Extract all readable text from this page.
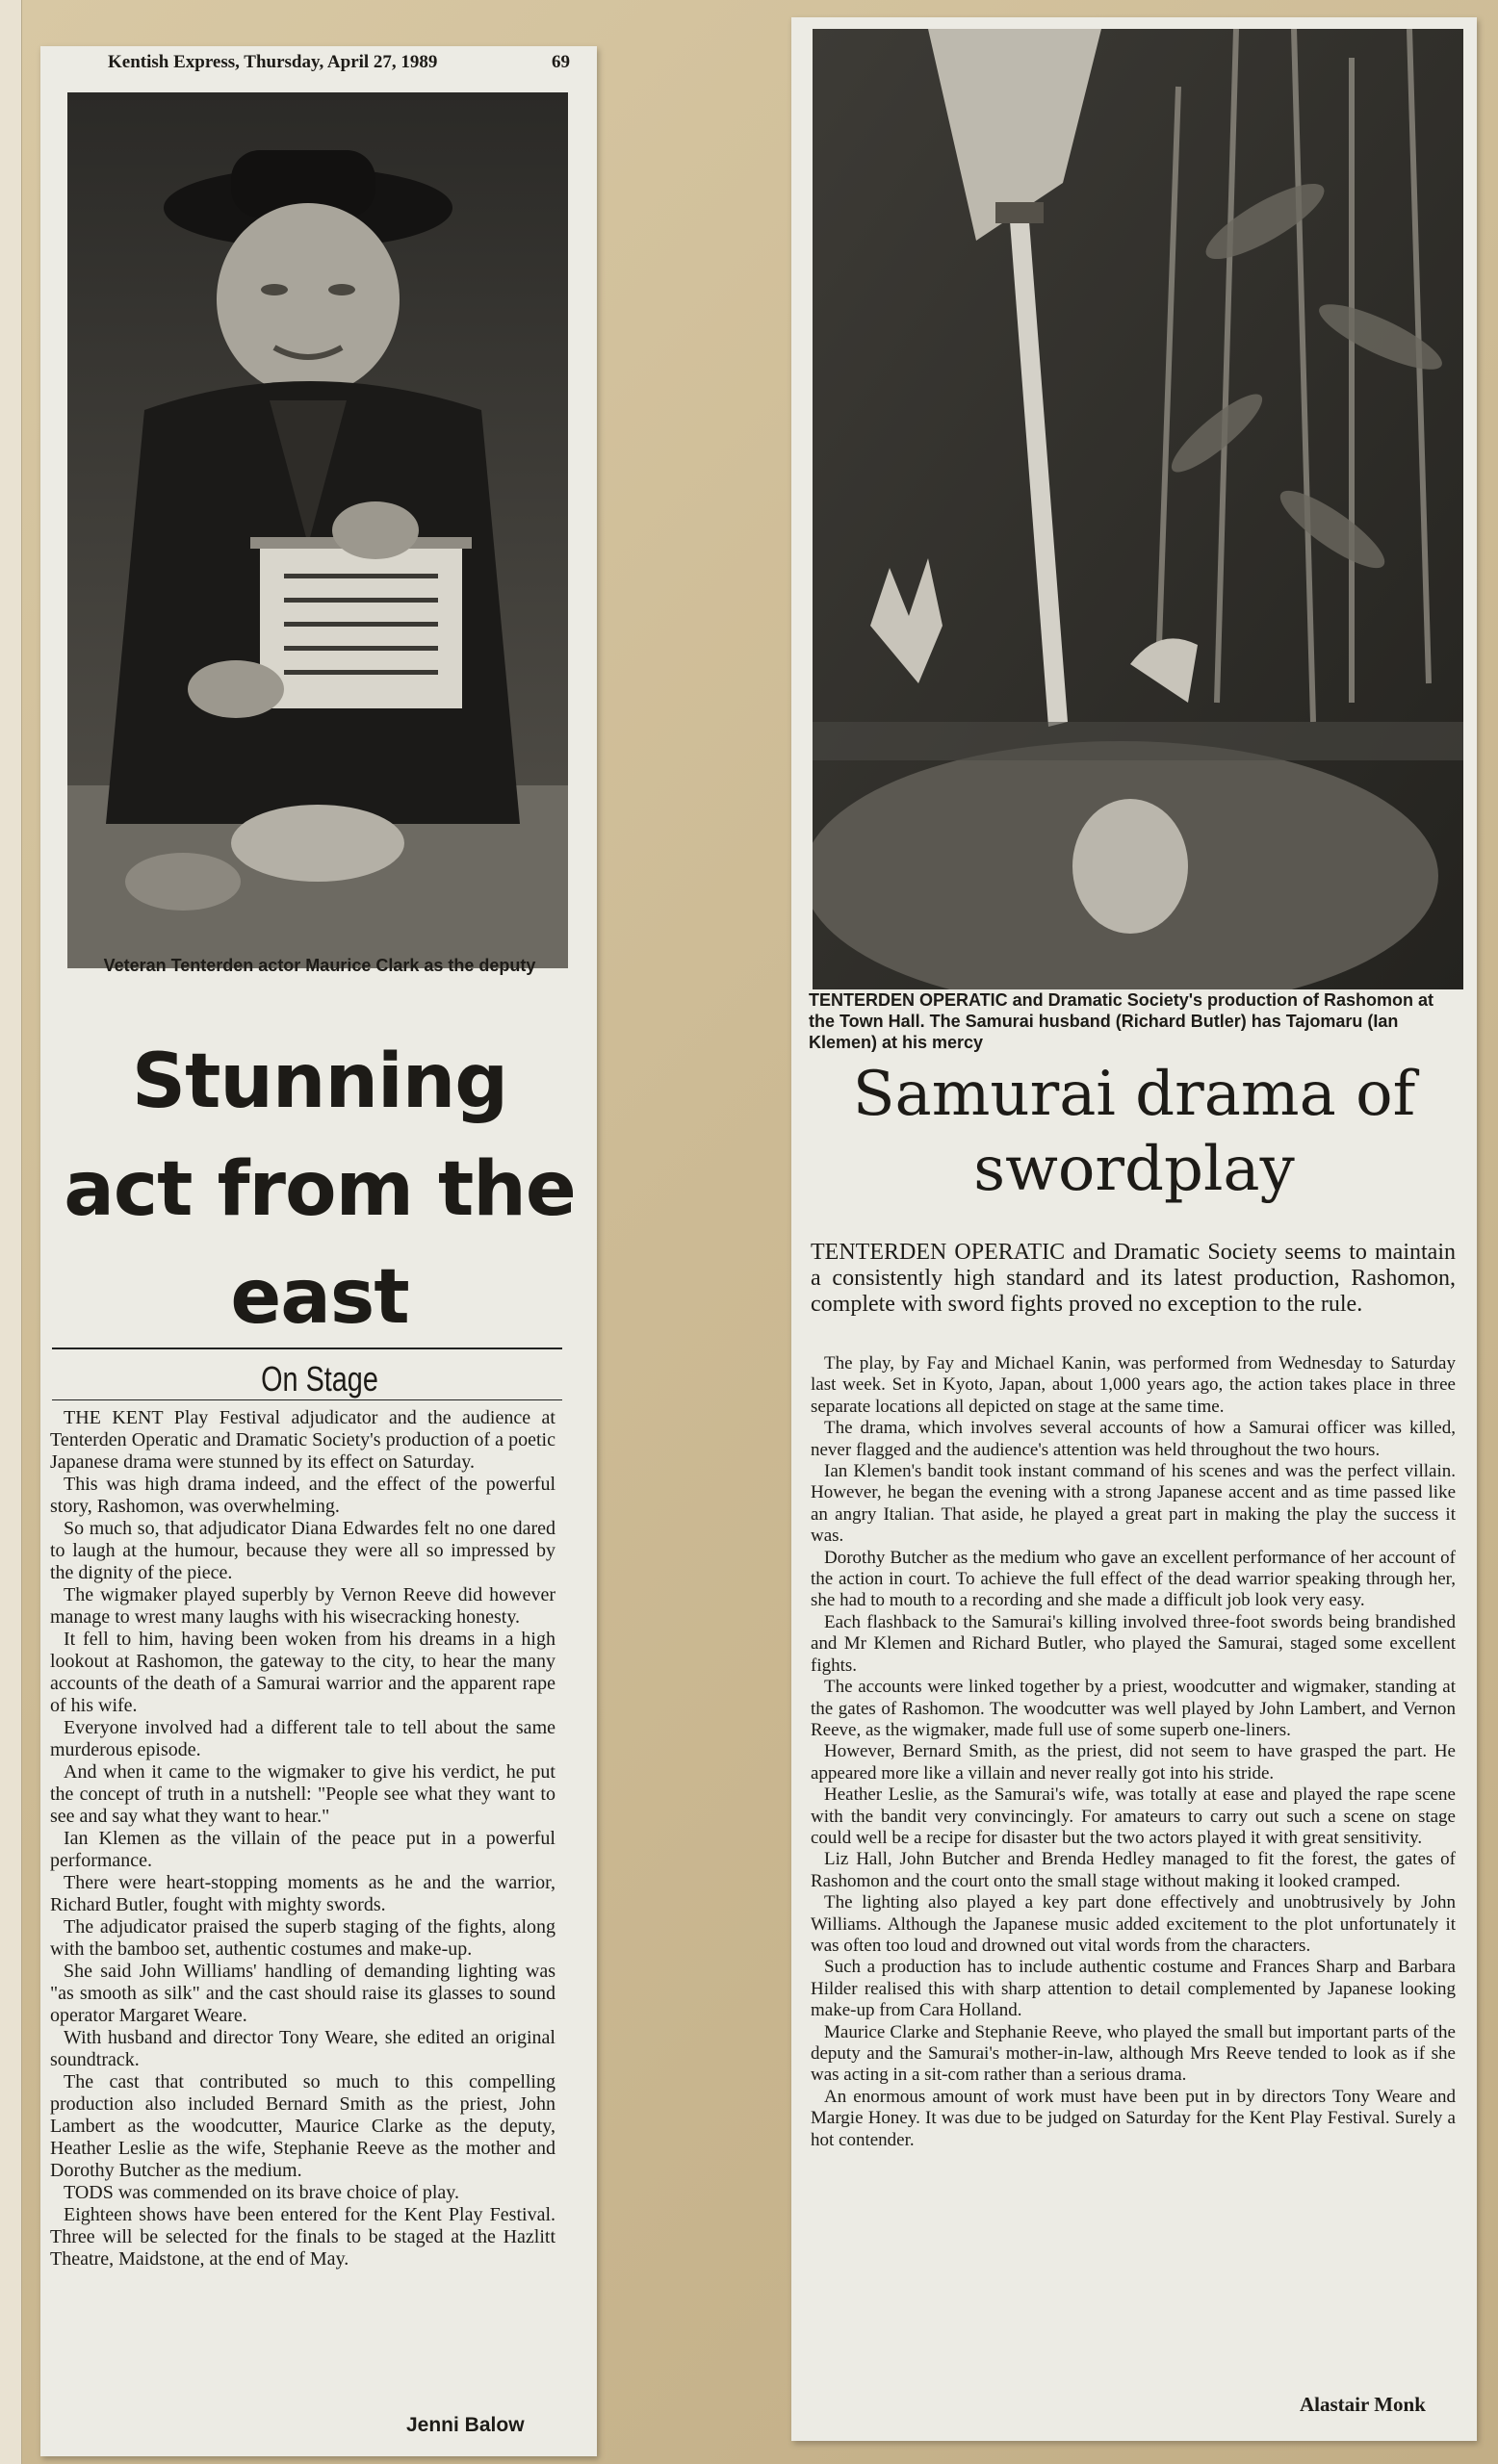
Kentish Express, Thursday, April 27, 1989	69
Veteran Tenterden actor Maurice Clark as the deputy
Stunning act from the east
On Stage

THE KENT Play Festival adjudicator and the audience at Tenterden Operatic and Dramatic Society's production of a poetic Japanese drama were stunned by its effect on Saturday.

This was high drama indeed, and the effect of the powerful story, Rashomon, was overwhelming.

So much so, that adjudicator Diana Edwardes felt no one dared to laugh at the humour, because they were all so impressed by the dignity of the piece.

The wigmaker played superbly by Vernon Reeve did however manage to wrest many laughs with his wisecracking honesty.

It fell to him, having been woken from his dreams in a high lookout at Rashomon, the gateway to the city, to hear the many accounts of the death of a Samurai warrior and the apparent rape of his wife.

Everyone involved had a different tale to tell about the same murderous episode.

And when it came to the wigmaker to give his verdict, he put the concept of truth in a nutshell: "People see what they want to see and say what they want to hear."

Ian Klemen as the villain of the peace put in a powerful performance.

There were heart-stopping moments as he and the warrior, Richard Butler, fought with mighty swords.

The adjudicator praised the superb staging of the fights, along with the bamboo set, authentic costumes and make-up.

She said John Williams' handling of demanding lighting was "as smooth as silk" and the cast should raise its glasses to sound operator Margaret Weare.

With husband and director Tony Weare, she edited an original soundtrack.

The cast that contributed so much to this compelling production also included Bernard Smith as the priest, John Lambert as the woodcutter, Maurice Clarke as the deputy, Heather Leslie as the wife, Stephanie Reeve as the mother and Dorothy Butcher as the medium.

TODS was commended on its brave choice of play.

Eighteen shows have been entered for the Kent Play Festival. Three will be selected for the finals to be staged at the Hazlitt Theatre, Maidstone, at the end of May.

Jenni Balow
TENTERDEN OPERATIC and Dramatic Society's production of Rashomon at the Town Hall. The Samurai husband (Richard Butler) has Tajomaru (Ian Klemen) at his mercy
Samurai drama of swordplay
TENTERDEN OPERATIC and Dramatic Society seems to maintain a consistently high standard and its latest production, Rashomon, complete with sword fights proved no exception to the rule.

The play, by Fay and Michael Kanin, was performed from Wednesday to Saturday last week. Set in Kyoto, Japan, about 1,000 years ago, the action takes place in three separate locations all depicted on stage at the same time.

The drama, which involves several accounts of how a Samurai officer was killed, never flagged and the audience's attention was held throughout the two hours.

Ian Klemen's bandit took instant command of his scenes and was the perfect villain. However, he began the evening with a strong Japanese accent and as time passed like an angry Italian. That aside, he played a great part in making the play the success it was.

Dorothy Butcher as the medium who gave an excellent performance of her account of the action in court. To achieve the full effect of the dead warrior speaking through her, she had to mouth to a recording and she made a difficult job look very easy.

Each flashback to the Samurai's killing involved three-foot swords being brandished and Mr Klemen and Richard Butler, who played the Samurai, staged some excellent fights.

The accounts were linked together by a priest, woodcutter and wigmaker, standing at the gates of Rashomon. The woodcutter was well played by John Lambert, and Vernon Reeve, as the wigmaker, made full use of some superb one-liners.

However, Bernard Smith, as the priest, did not seem to have grasped the part. He appeared more like a villain and never really got into his stride.

Heather Leslie, as the Samurai's wife, was totally at ease and played the rape scene with the bandit very convincingly. For amateurs to carry out such a scene on stage could well be a recipe for disaster but the two actors played it with great sensitivity.

Liz Hall, John Butcher and Brenda Hedley managed to fit the forest, the gates of Rashomon and the court onto the small stage without making it looked cramped.

The lighting also played a key part done effectively and unobtrusively by John Williams. Although the Japanese music added excitement to the plot unfortunately it was often too loud and drowned out vital words from the characters.

Such a production has to include authentic costume and Frances Sharp and Barbara Hilder realised this with sharp attention to detail complemented by Japanese looking make-up from Cara Holland.

Maurice Clarke and Stephanie Reeve, who played the small but important parts of the deputy and the Samurai's mother-in-law, although Mrs Reeve tended to look as if she was acting in a sit-com rather than a serious drama.

An enormous amount of work must have been put in by directors Tony Weare and Margie Honey. It was due to be judged on Saturday for the Kent Play Festival. Surely a hot contender.

Alastair Monk
